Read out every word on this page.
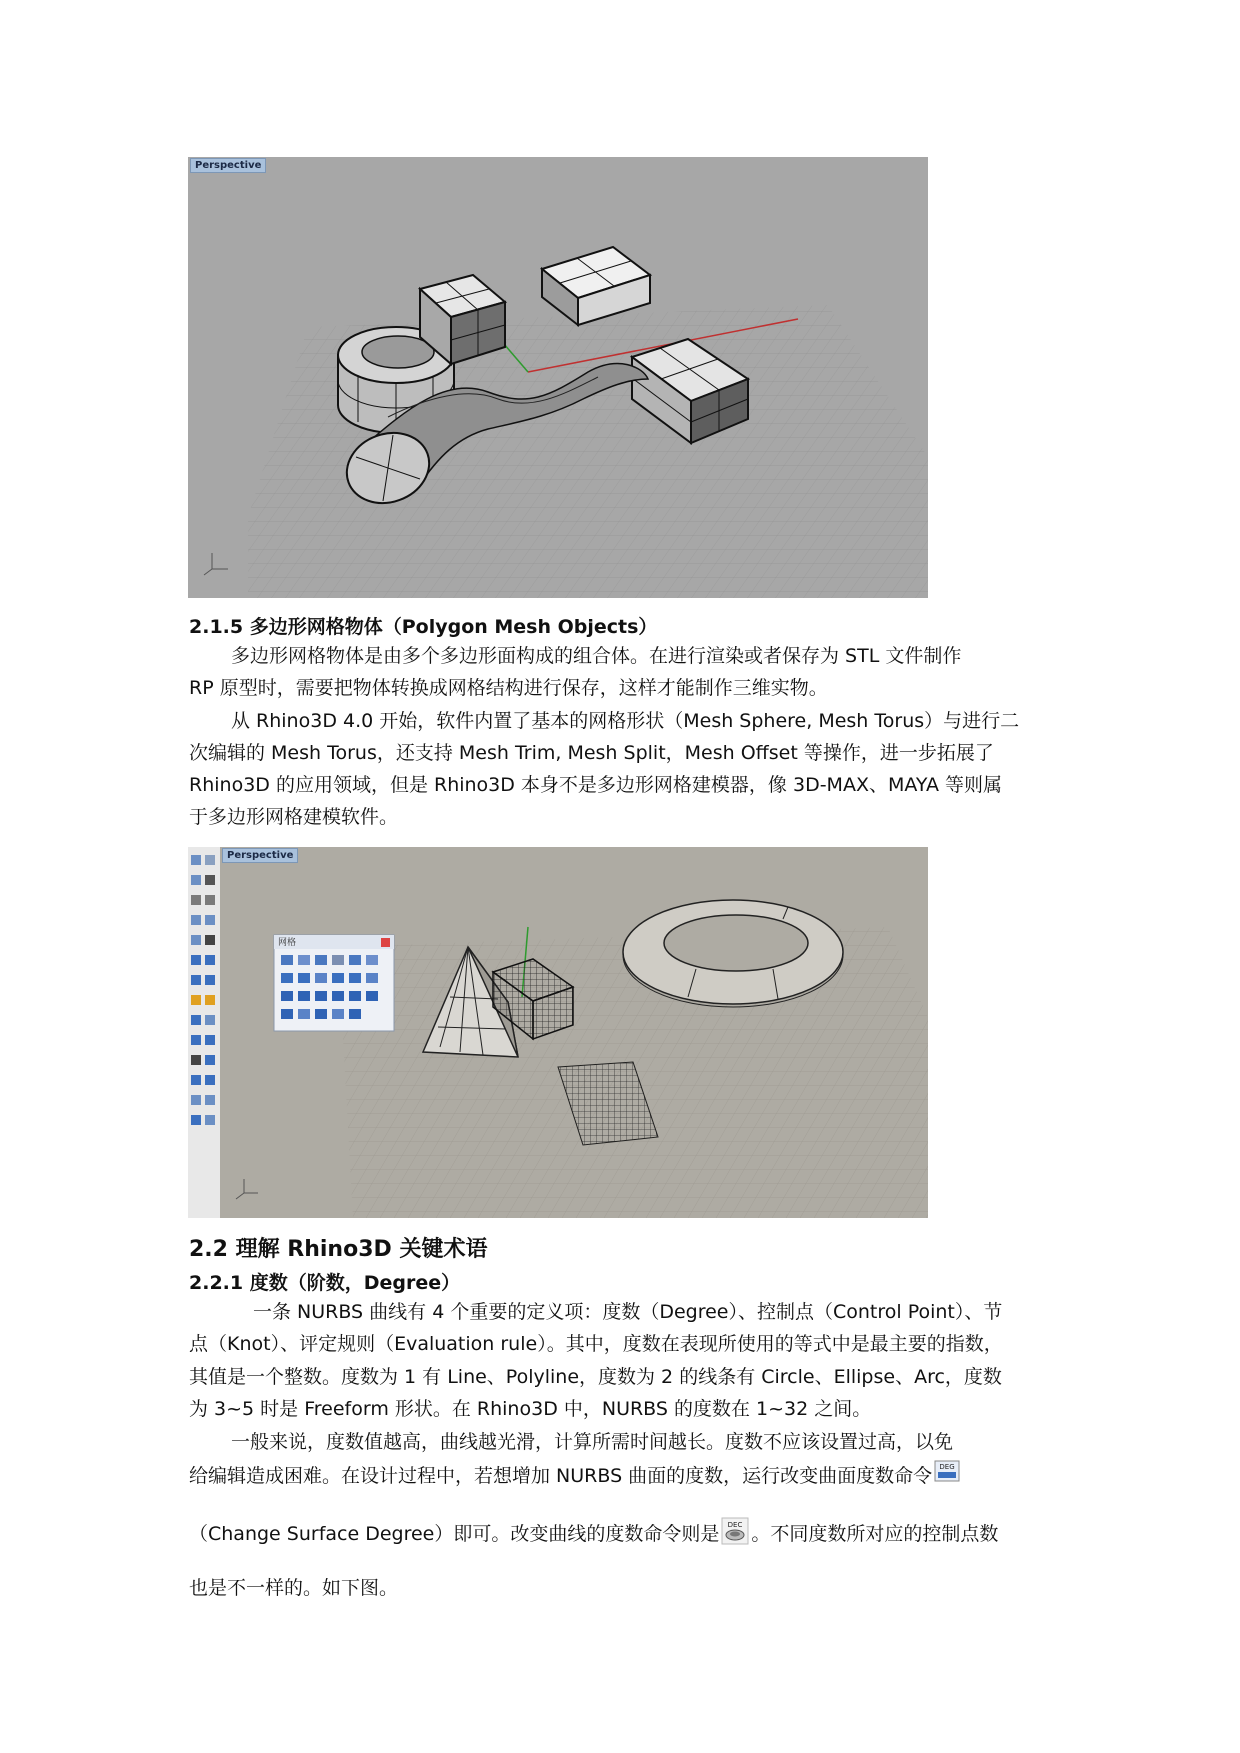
Perspective
2.1.5 多边形网格物体（Polygon Mesh Objects）
多边形网格物体是由多个多边形面构成的组合体。在进行渲染或者保存为 STL 文件制作
RP 原型时，需要把物体转换成网格结构进行保存，这样才能制作三维实物。
从 Rhino3D 4.0 开始，软件内置了基本的网格形状（Mesh Sphere, Mesh Torus）与进行二
次编辑的 Mesh Torus，还支持 Mesh Trim, Mesh Split，Mesh Offset 等操作，进一步拓展了
Rhino3D 的应用领域，但是 Rhino3D 本身不是多边形网格建模器，像 3D-MAX、MAYA 等则属
于多边形网格建模软件。
Perspective
网格
2.2 理解 Rhino3D 关键术语
2.2.1 度数（阶数，Degree）
一条 NURBS 曲线有 4 个重要的定义项：度数（Degree）、控制点（Control Point）、节
点（Knot）、评定规则（Evaluation rule）。其中，度数在表现所使用的等式中是最主要的指数，
其值是一个整数。度数为 1 有 Line、Polyline，度数为 2 的线条有 Circle、Ellipse、Arc，度数
为 3~5 时是 Freeform 形状。在 Rhino3D 中，NURBS 的度数在 1~32 之间。
一般来说，度数值越高，曲线越光滑，计算所需时间越长。度数不应该设置过高，以免
给编辑造成困难。在设计过程中，若想增加 NURBS 曲面的度数，运行改变曲面度数命令 DEG
（Change Surface Degree）即可。改变曲线的度数命令则是 DEC 。不同度数所对应的控制点数
也是不一样的。如下图。
